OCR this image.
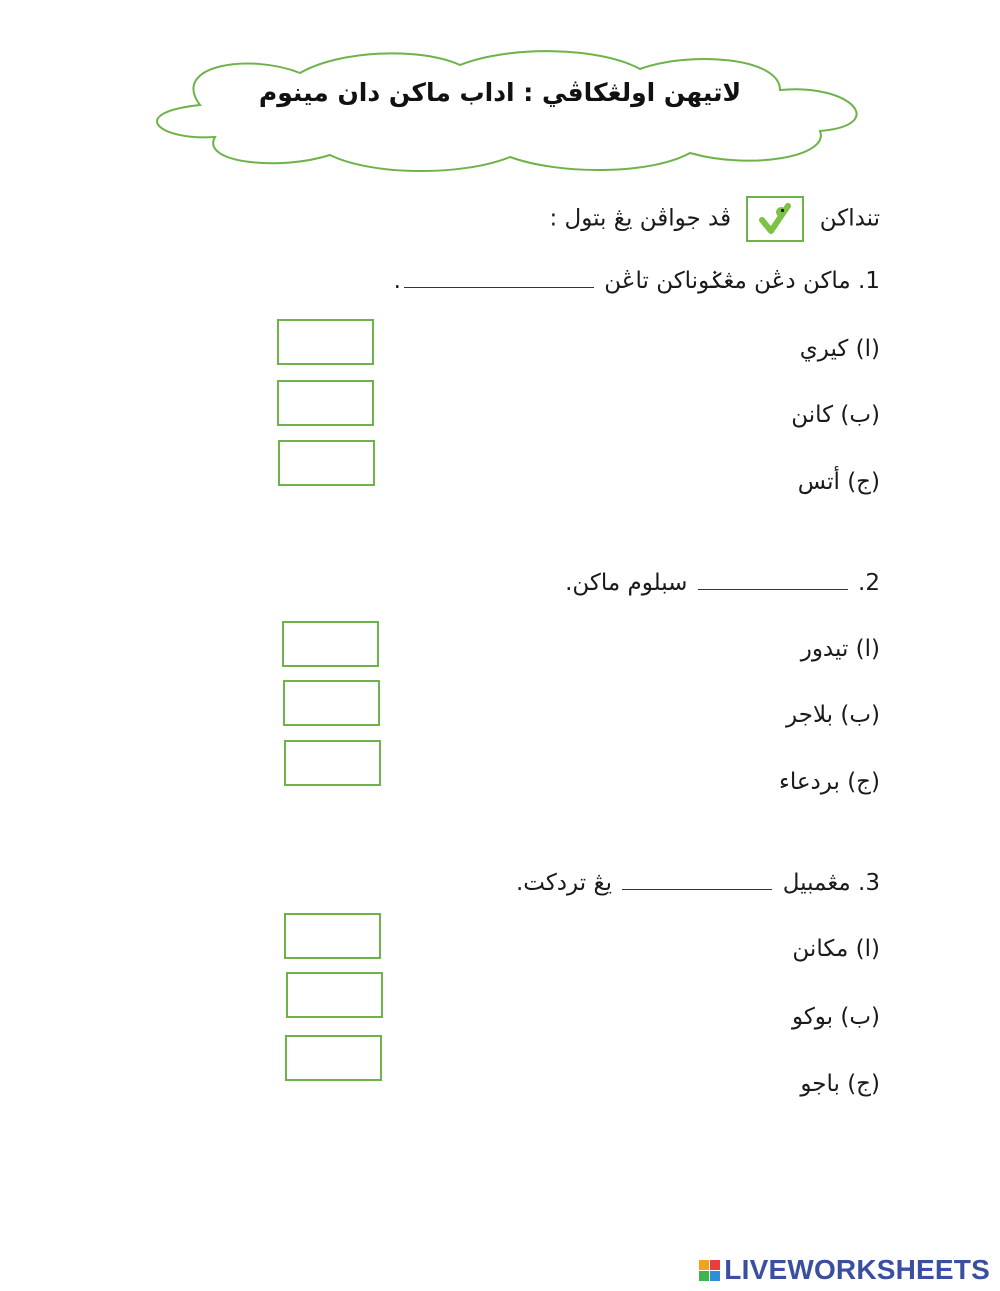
لاتيهن اولڠكاڤي : اداب ماكن دان مينوم
تنداكن
ڤد جواڤن يڠ بتول :
1. ماكن دڠن مڠݢوناكن تاڠن .
(ا) كيري
(ب) كانن
(ج) أتس
2.  سبلوم ماكن.
(ا) تيدور
(ب) بلاجر
(ج) بردعاء
3. مڠمبيل  يڠ تردكت.
(ا) مكانن
(ب) بوكو
(ج) باجو
LIVEWORKSHEETS
